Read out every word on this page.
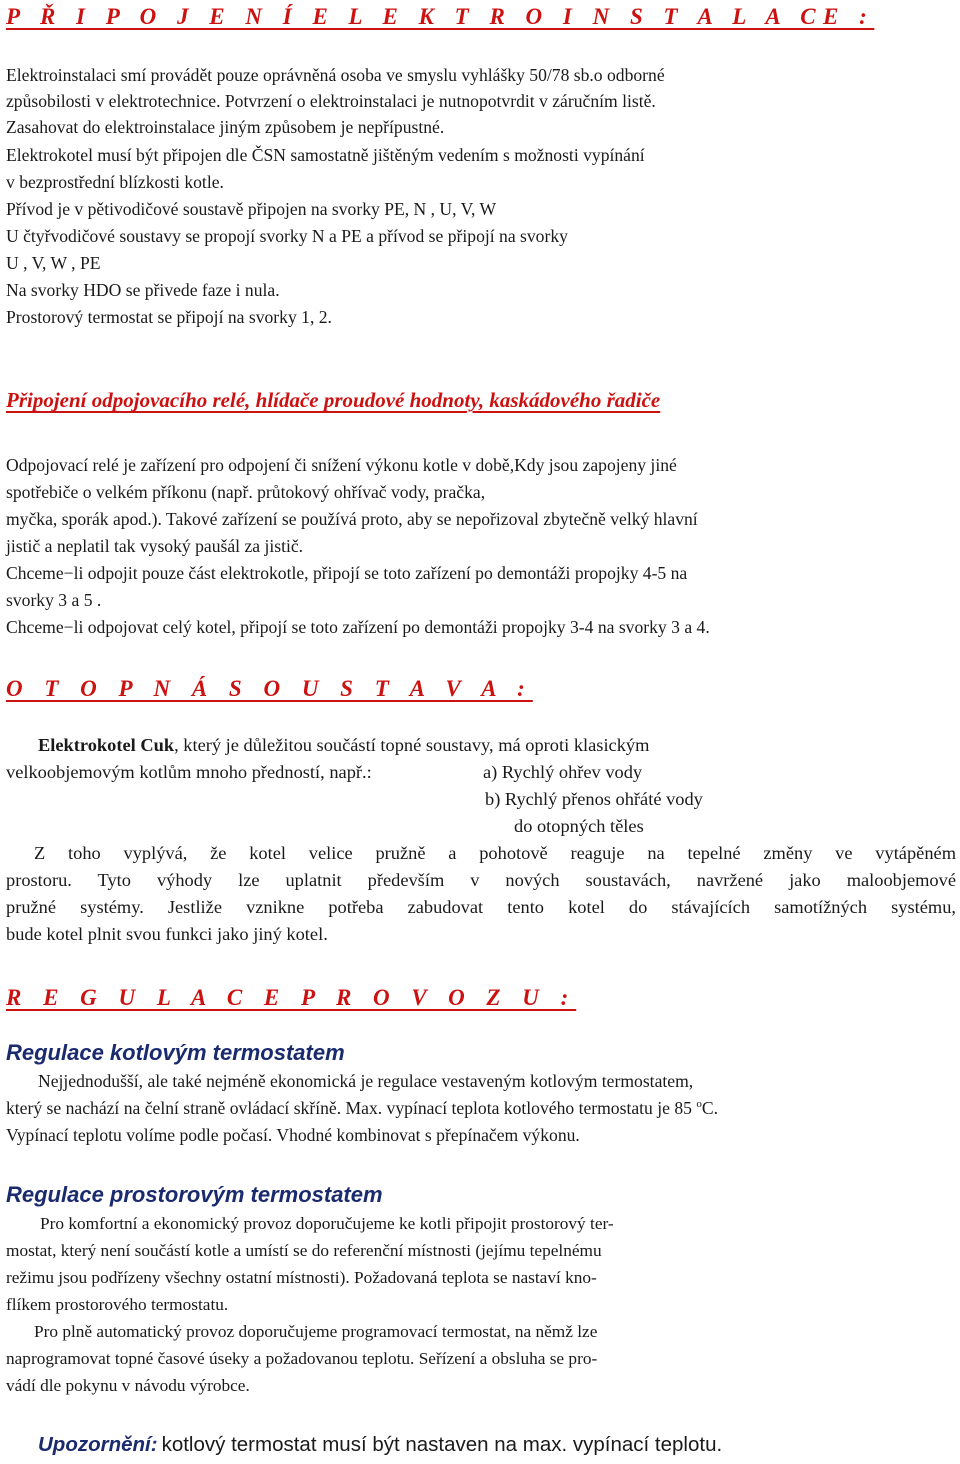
P Ř I P O J E N Í E L E K T R O I N S T A L A CE :
Elektroinstalaci smí provádět pouze oprávněná osoba ve smyslu vyhlášky 50/78 sb.o odborné
způsobilosti v elektrotechnice. Potvrzení o elektroinstalaci je nutnopotvrdit v záručním listě.
Zasahovat do elektroinstalace jiným způsobem je nepřípustné.
Elektrokotel musí být připojen dle ČSN samostatně jištěným vedením s možnosti vypínání
v bezprostřední blízkosti kotle.
Přívod je v pětivodičové soustavě připojen na svorky PE, N , U, V, W
U čtyřvodičové soustavy se propojí svorky N a PE a přívod se připojí na svorky
U , V, W , PE
Na svorky HDO se přivede faze i nula.
Prostorový termostat se připojí na svorky 1, 2.
Připojení odpojovacího relé, hlídače proudové hodnoty, kaskádového řadiče
Odpojovací relé je zařízení pro odpojení či snížení výkonu kotle v době,Kdy jsou zapojeny jiné
spotřebiče o velkém příkonu (např. průtokový ohřívač vody, pračka,
myčka, sporák apod.). Takové zařízení se používá proto, aby se nepořizoval zbytečně velký hlavní
jistič a neplatil tak vysoký paušál za jistič.
Chceme−li odpojit pouze část elektrokotle, připojí se toto zařízení po demontáži propojky 4-5 na
svorky 3 a 5 .
Chceme−li odpojovat celý kotel, připojí se toto zařízení po demontáži propojky 3-4 na svorky 3 a 4.
O T O P N Á S O U S T A V A :
Elektrokotel Cuk, který je důležitou součástí topné soustavy, má oproti klasickým
velkoobjemovým kotlům mnoho předností, např.:	a) Rychlý ohřev vody
b) Rychlý přenos ohřáté vody
do otopných těles
Z toho vyplývá, že kotel velice pružně a pohotově reaguje na tepelné změny ve vytápěném
prostoru. Tyto výhody lze uplatnit především v nových soustavách, navržené jako maloobjemové
pružné systémy. Jestliže vznikne potřeba zabudovat tento kotel do stávajících samotížných systému,
bude kotel plnit svou funkci jako jiný kotel.
R E G U L A C E P R O V O Z U :
Regulace kotlovým termostatem
Nejjednodušší, ale také nejméně ekonomická je regulace vestaveným kotlovým termostatem,
který se nachází na čelní straně ovládací skříně. Max. vypínací teplota kotlového termostatu je 85 $^o$C.
Vypínací teplotu volíme podle počasí. Vhodné kombinovat s přepínačem výkonu.
Regulace prostorovým termostatem
Pro komfortní a ekonomický provoz doporučujeme ke kotli připojit prostorový ter-
mostat, který není součástí kotle a umístí se do referenční místnosti (jejímu tepelnému
režimu jsou podřízeny všechny ostatní místnosti). Požadovaná teplota se nastaví kno-
flíkem prostorového termostatu.
Pro plně automatický provoz doporučujeme programovací termostat, na němž lze
naprogramovat topné časové úseky a požadovanou teplotu. Seřízení a obsluha se pro-
vádí dle pokynu v návodu výrobce.
Upozornění: kotlový termostat musí být nastaven na max. vypínací teplotu.
